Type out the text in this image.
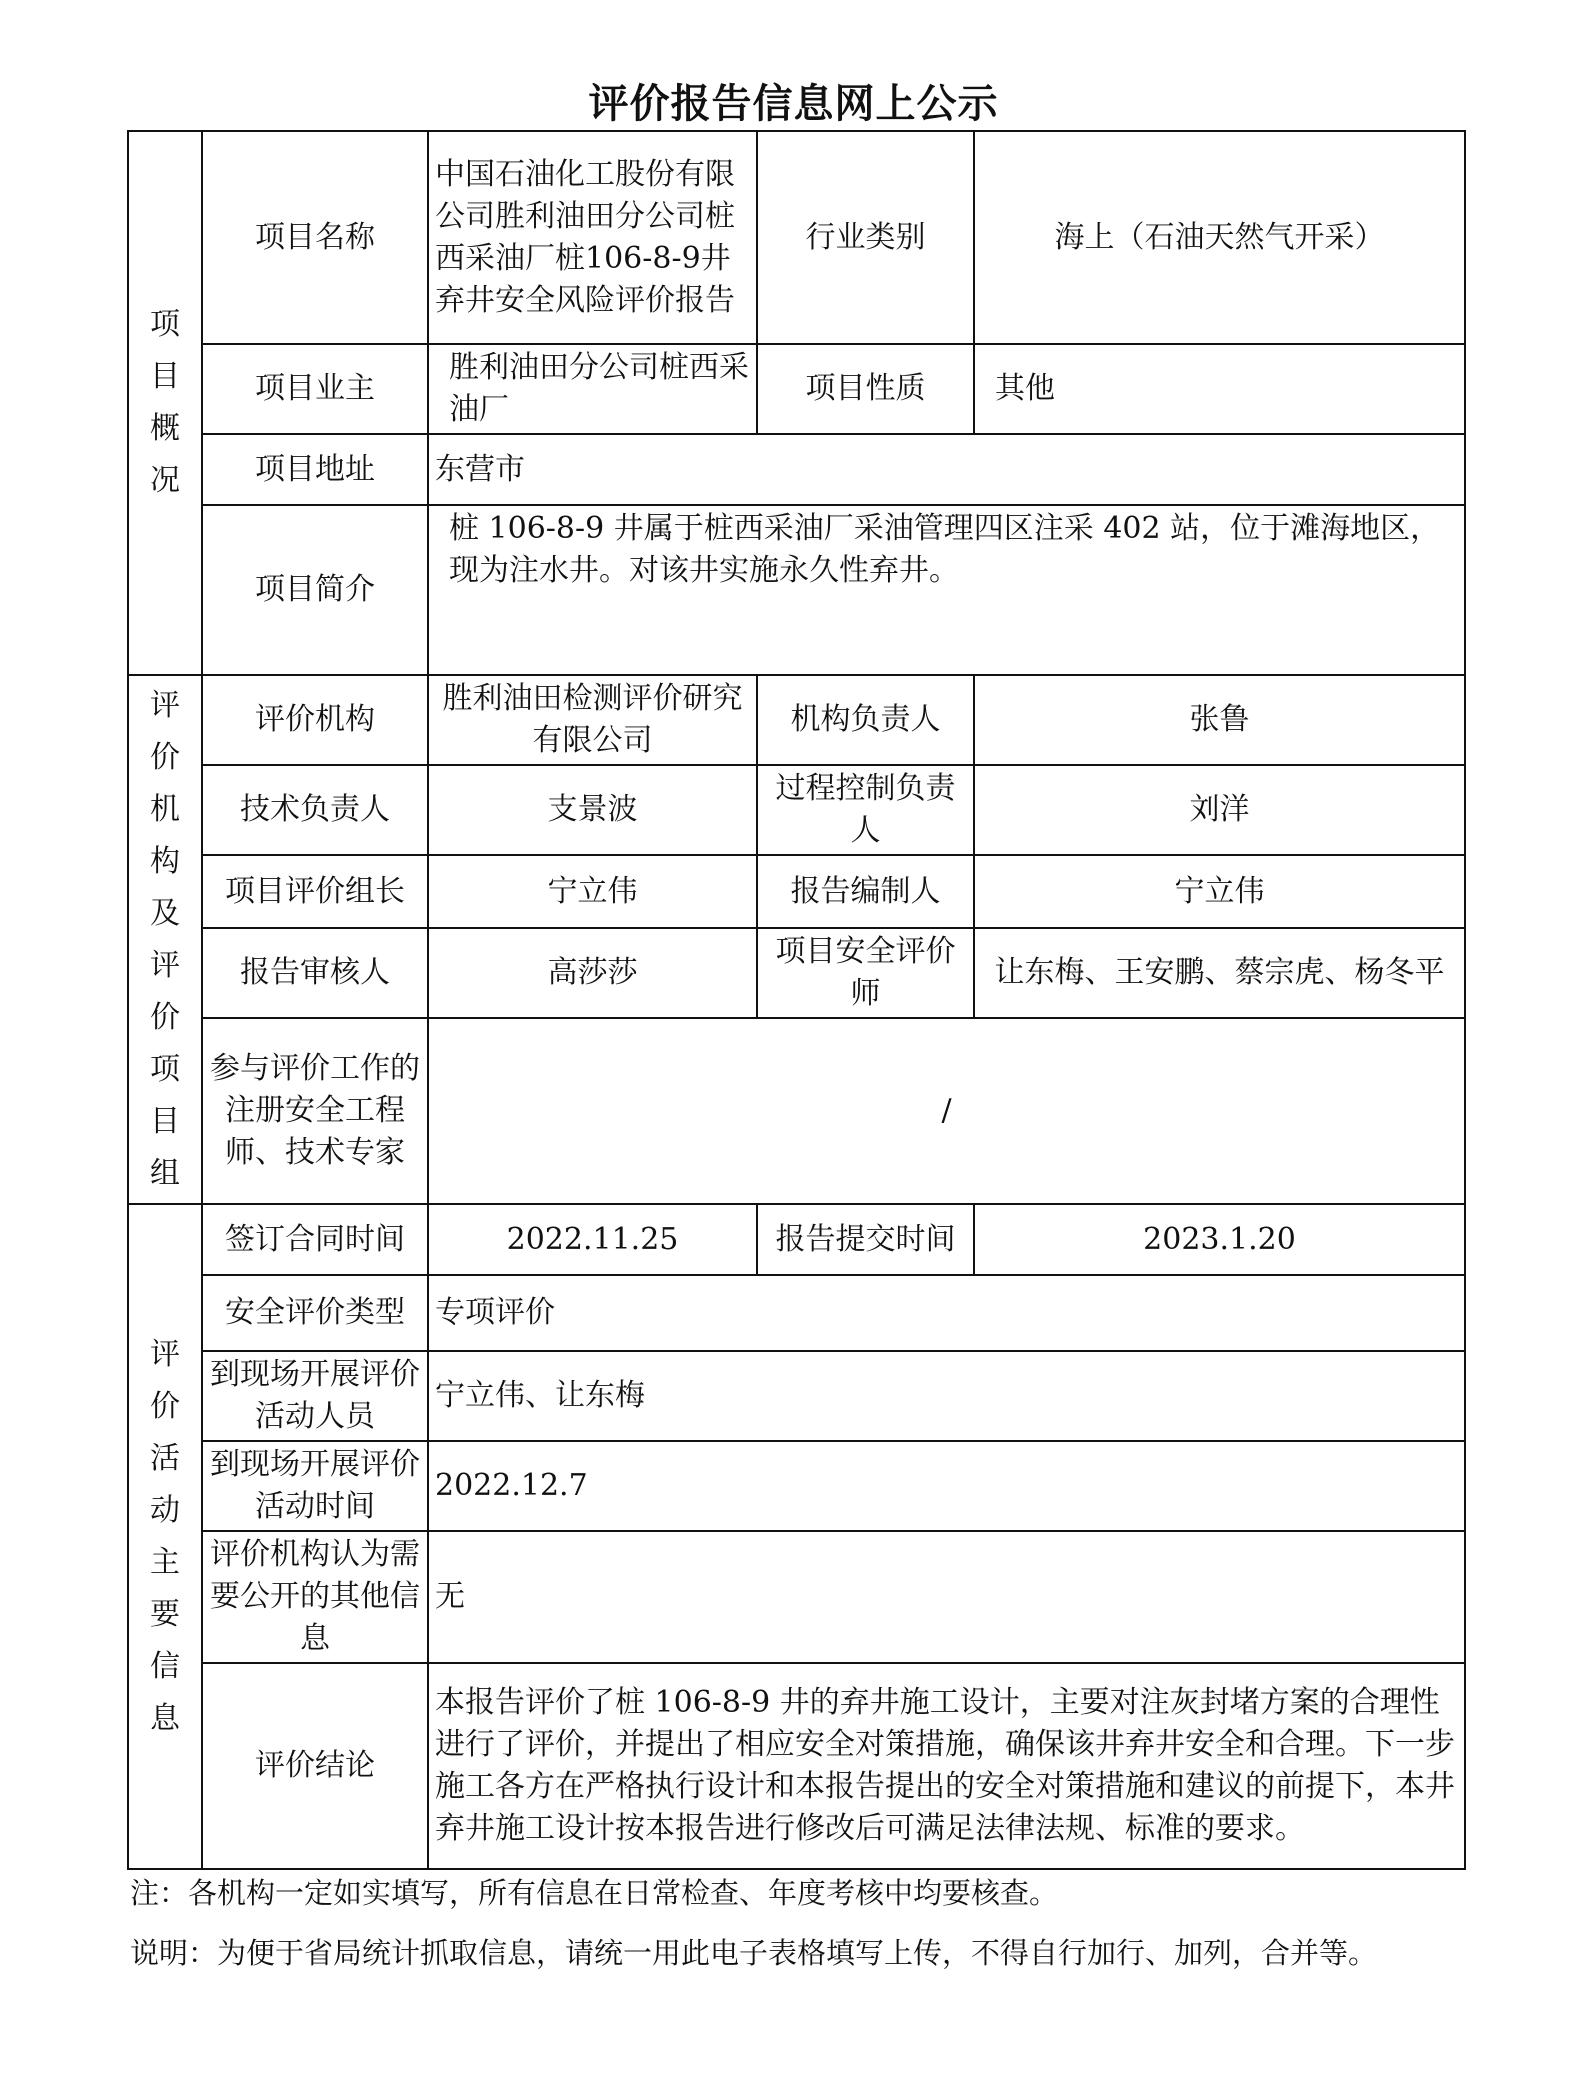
评价报告信息网上公示
项目概况	项目名称	中国石油化工股份有限公司胜利油田分公司桩西采油厂桩106-8-9井弃井安全风险评价报告	行业类别	海上（石油天然气开采）
	项目业主	胜利油田分公司桩西采油厂	项目性质	其他
	项目地址	东营市		
	项目简介	桩 106-8-9 井属于桩西采油厂采油管理四区注采 402 站，位于滩海地区，现为注水井。对该井实施永久性弃井。		
评价机构及评价项目组	评价机构	胜利油田检测评价研究有限公司	机构负责人	张鲁
	技术负责人	支景波	过程控制负责人	刘洋
	项目评价组长	宁立伟	报告编制人	宁立伟
	报告审核人	高莎莎	项目安全评价师	让东梅、王安鹏、蔡宗虎、杨冬平
	参与评价工作的注册安全工程师、技术专家	/		
评价活动主要信息	签订合同时间	2022.11.25	报告提交时间	2023.1.20
	安全评价类型	专项评价		
	到现场开展评价活动人员	宁立伟、让东梅		
	到现场开展评价活动时间	2022.12.7		
	评价机构认为需要公开的其他信息	无		
	评价结论	本报告评价了桩 106-8-9 井的弃井施工设计，主要对注灰封堵方案的合理性进行了评价，并提出了相应安全对策措施，确保该井弃井安全和合理。下一步施工各方在严格执行设计和本报告提出的安全对策措施和建议的前提下，本井弃井施工设计按本报告进行修改后可满足法律法规、标准的要求。		
注：各机构一定如实填写，所有信息在日常检查、年度考核中均要核查。
说明：为便于省局统计抓取信息，请统一用此电子表格填写上传，不得自行加行、加列，合并等。
